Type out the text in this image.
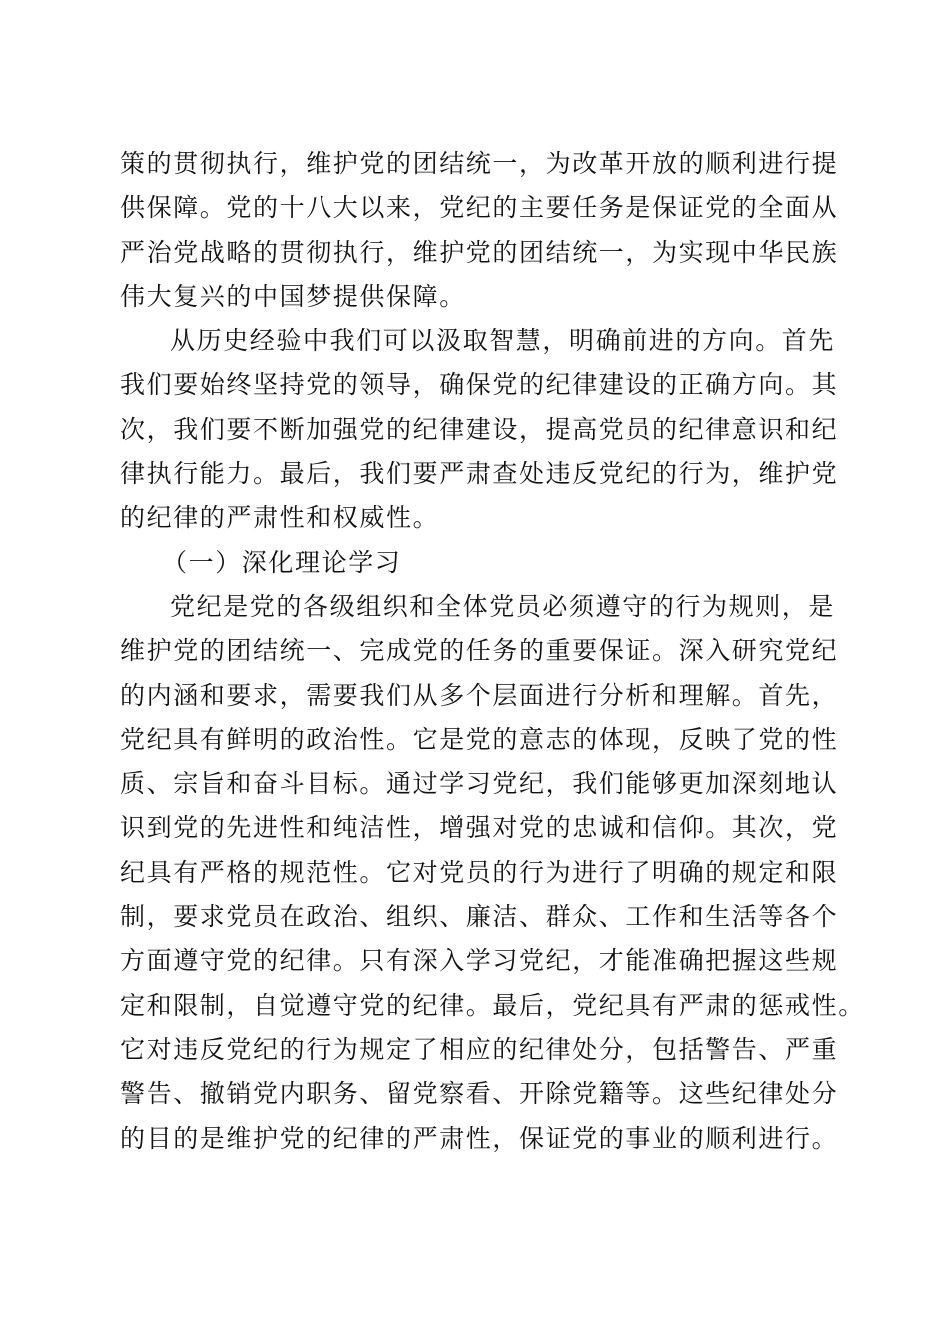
策的贯彻执行，维护党的团结统一，为改革开放的顺利进行提
供保障。党的十八大以来，党纪的主要任务是保证党的全面从
严治党战略的贯彻执行，维护党的团结统一，为实现中华民族
伟大复兴的中国梦提供保障。
从历史经验中我们可以汲取智慧，明确前进的方向。首先
我们要始终坚持党的领导，确保党的纪律建设的正确方向。其
次，我们要不断加强党的纪律建设，提高党员的纪律意识和纪
律执行能力。最后，我们要严肃查处违反党纪的行为，维护党
的纪律的严肃性和权威性。
（一）深化理论学习
党纪是党的各级组织和全体党员必须遵守的行为规则，是
维护党的团结统一、完成党的任务的重要保证。深入研究党纪
的内涵和要求，需要我们从多个层面进行分析和理解。首先，
党纪具有鲜明的政治性。它是党的意志的体现，反映了党的性
质、宗旨和奋斗目标。通过学习党纪，我们能够更加深刻地认
识到党的先进性和纯洁性，增强对党的忠诚和信仰。其次，党
纪具有严格的规范性。它对党员的行为进行了明确的规定和限
制，要求党员在政治、组织、廉洁、群众、工作和生活等各个
方面遵守党的纪律。只有深入学习党纪，才能准确把握这些规
定和限制，自觉遵守党的纪律。最后，党纪具有严肃的惩戒性。
它对违反党纪的行为规定了相应的纪律处分，包括警告、严重
警告、撤销党内职务、留党察看、开除党籍等。这些纪律处分
的目的是维护党的纪律的严肃性，保证党的事业的顺利进行。
